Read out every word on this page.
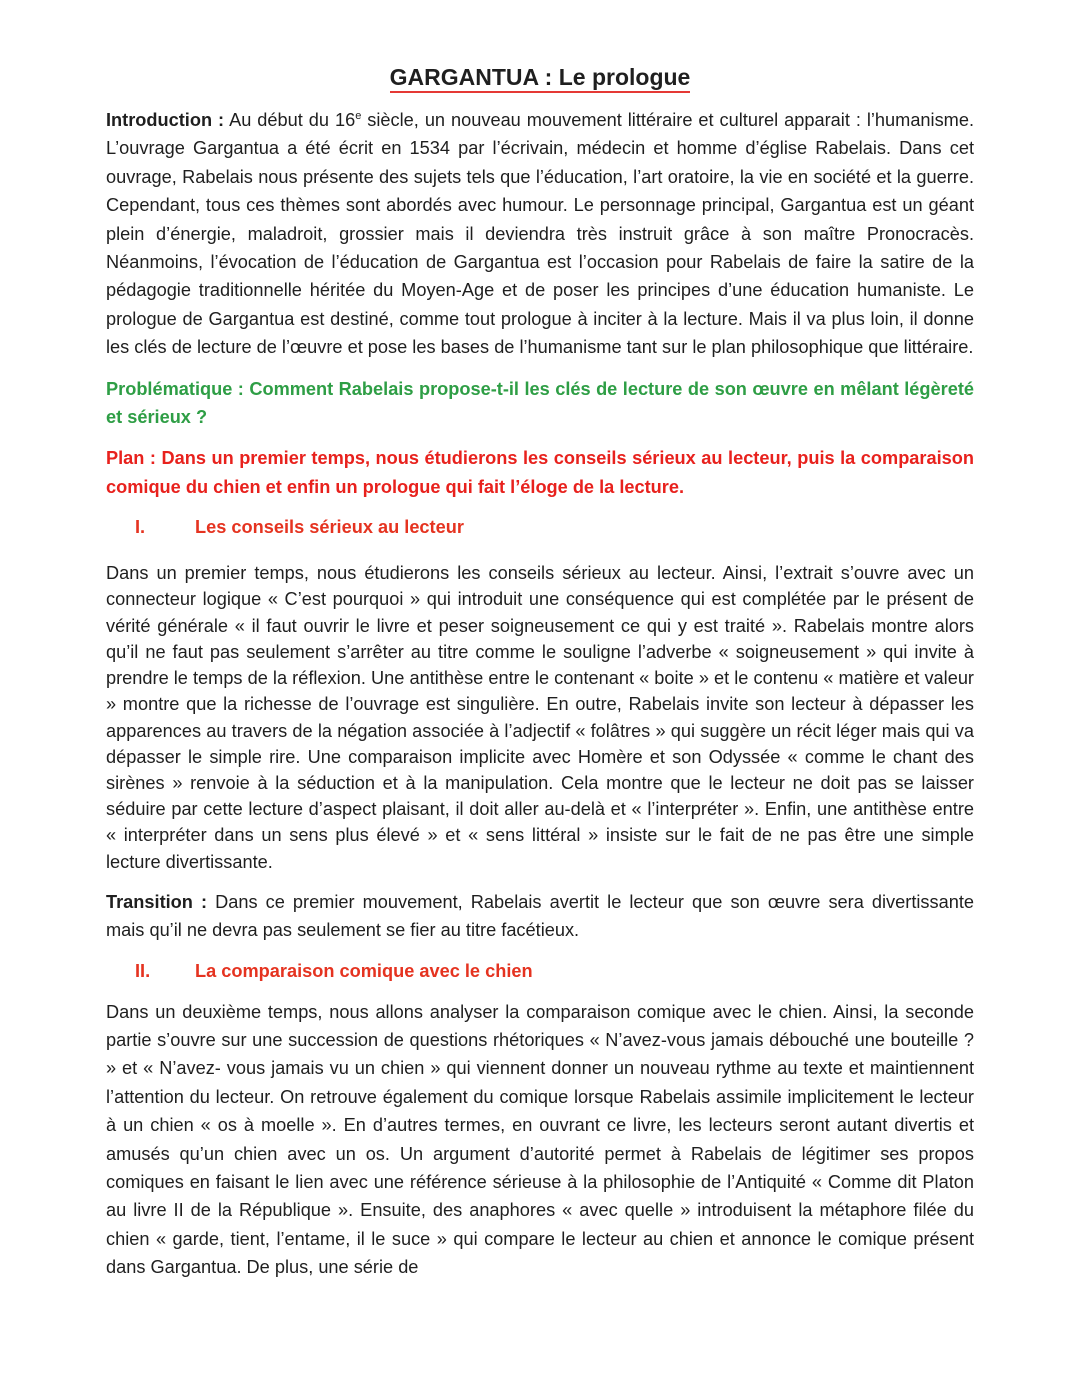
GARGANTUA : Le prologue

Introduction : Au début du 16e siècle, un nouveau mouvement littéraire et culturel apparait : l’humanisme. L’ouvrage Gargantua a été écrit en 1534 par l’écrivain, médecin et homme d’église Rabelais. Dans cet ouvrage, Rabelais nous présente des sujets tels que l’éducation, l’art oratoire, la vie en société et la guerre. Cependant, tous ces thèmes sont abordés avec humour. Le personnage principal, Gargantua est un géant plein d’énergie, maladroit, grossier mais il deviendra très instruit grâce à son maître Pronocracès. Néanmoins, l’évocation de l’éducation de Gargantua est l’occasion pour Rabelais de faire la satire de la pédagogie traditionnelle héritée du Moyen-Age et de poser les principes d’une éducation humaniste. Le prologue de Gargantua est destiné, comme tout prologue à inciter à la lecture. Mais il va plus loin, il donne les clés de lecture de l’œuvre et pose les bases de l’humanisme tant sur le plan philosophique que littéraire.

Problématique : Comment Rabelais propose-t-il les clés de lecture de son œuvre en mêlant légèreté et sérieux ?

Plan : Dans un premier temps, nous étudierons les conseils sérieux au lecteur, puis la comparaison comique du chien et enfin un prologue qui fait l’éloge de la lecture.

I.	Les conseils sérieux au lecteur

Dans un premier temps, nous étudierons les conseils sérieux au lecteur. Ainsi, l’extrait s’ouvre avec un connecteur logique « C’est pourquoi » qui introduit une conséquence qui est complétée par le présent de vérité générale « il faut ouvrir le livre et peser soigneusement ce qui y est traité ». Rabelais montre alors qu’il ne faut pas seulement s’arrêter au titre comme le souligne l’adverbe « soigneusement » qui invite à prendre le temps de la réflexion. Une antithèse entre le contenant « boite » et le contenu « matière et valeur » montre que la richesse de l’ouvrage est singulière. En outre, Rabelais invite son lecteur à dépasser les apparences au travers de la négation associée à l’adjectif « folâtres » qui suggère un récit léger mais qui va dépasser le simple rire. Une comparaison implicite avec Homère et son Odyssée « comme le chant des sirènes » renvoie à la séduction et à la manipulation. Cela montre que le lecteur ne doit pas se laisser séduire par cette lecture d’aspect plaisant, il doit aller au-delà et « l’interpréter ». Enfin, une antithèse entre « interpréter dans un sens plus élevé » et « sens littéral » insiste sur le fait de ne pas être une simple lecture divertissante.

Transition : Dans ce premier mouvement, Rabelais avertit le lecteur que son œuvre sera divertissante mais qu’il ne devra pas seulement se fier au titre facétieux.

II.	La comparaison comique avec le chien

Dans un deuxième temps, nous allons analyser la comparaison comique avec le chien. Ainsi, la seconde partie s’ouvre sur une succession de questions rhétoriques « N’avez-vous jamais débouché une bouteille ? » et « N’avez- vous jamais vu un chien » qui viennent donner un nouveau rythme au texte et maintiennent l’attention du lecteur. On retrouve également du comique lorsque Rabelais assimile implicitement le lecteur à un chien « os à moelle ». En d’autres termes, en ouvrant ce livre, les lecteurs seront autant divertis et amusés qu’un chien avec un os. Un argument d’autorité permet à Rabelais de légitimer ses propos comiques en faisant le lien avec une référence sérieuse à la philosophie de l’Antiquité « Comme dit Platon au livre II de la République ». Ensuite, des anaphores « avec quelle » introduisent la métaphore filée du chien « garde, tient, l’entame, il le suce » qui compare le lecteur au chien et annonce le comique présent dans Gargantua. De plus, une série de
